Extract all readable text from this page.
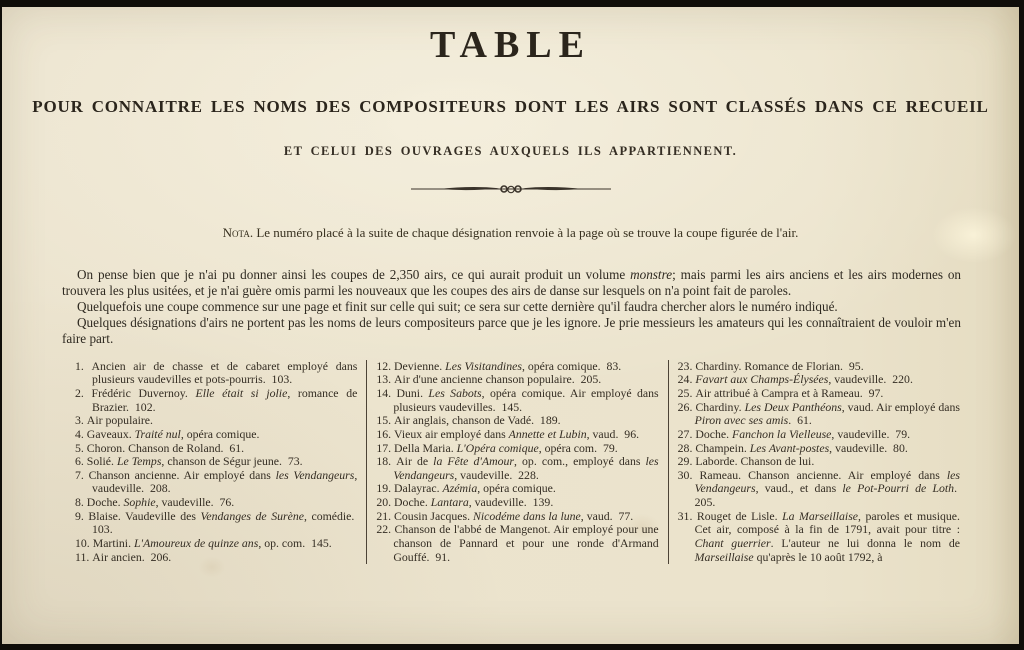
TABLE
POUR CONNAITRE LES NOMS DES COMPOSITEURS DONT LES AIRS SONT CLASSÉS DANS CE RECUEIL
ET CELUI DES OUVRAGES AUXQUELS ILS APPARTIENNENT.
Nota. Le numéro placé à la suite de chaque désignation renvoie à la page où se trouve la coupe figurée de l'air.

On pense bien que je n'ai pu donner ainsi les coupes de 2,350 airs, ce qui aurait produit un volume monstre; mais parmi les airs anciens et les airs modernes on trouvera les plus usitées, et je n'ai guère omis parmi les nouveaux que les coupes des airs de danse sur lesquels on n'a point fait de paroles.

Quelquefois une coupe commence sur une page et finit sur celle qui suit; ce sera sur cette dernière qu'il faudra chercher alors le numéro indiqué.

Quelques désignations d'airs ne portent pas les noms de leurs compositeurs parce que je les ignore. Je prie messieurs les amateurs qui les connaîtraient de vouloir m'en faire part.

1. Ancien air de chasse et de cabaret employé dans plusieurs vaudevilles et pots-pourris.  103.
2. Frédéric Duvernoy. Elle était si jolie, romance de Brazier.  102.
3. Air populaire.
4. Gaveaux. Traité nul, opéra comique.
5. Choron. Chanson de Roland.  61.
6. Solié. Le Temps, chanson de Ségur jeune.  73.
7. Chanson ancienne. Air employé dans les Vendangeurs, vaudeville.  208.
8. Doche. Sophie, vaudeville.  76.
9. Blaise. Vaudeville des Vendanges de Surène, comédie.  103.
10. Martini. L'Amoureux de quinze ans, op. com.  145.
11. Air ancien.  206.
12. Devienne. Les Visitandines, opéra comique.  83.
13. Air d'une ancienne chanson populaire.  205.
14. Duni. Les Sabots, opéra comique. Air employé dans plusieurs vaudevilles.  145.
15. Air anglais, chanson de Vadé.  189.
16. Vieux air employé dans Annette et Lubin, vaud.  96.
17. Della Maria. L'Opéra comique, opéra com.  79.
18. Air de la Fête d'Amour, op. com., employé dans les Vendangeurs, vaudeville.  228.
19. Dalayrac. Azémia, opéra comique.
20. Doche. Lantara, vaudeville.  139.
21. Cousin Jacques. Nicodéme dans la lune, vaud.  77.
22. Chanson de l'abbé de Mangenot. Air employé pour une chanson de Pannard et pour une ronde d'Armand Gouffé.  91.
23. Chardiny. Romance de Florian.  95.
24. Favart aux Champs-Élysées, vaudeville.  220.
25. Air attribué à Campra et à Rameau.  97.
26. Chardiny. Les Deux Panthéons, vaud. Air employé dans Piron avec ses amis.  61.
27. Doche. Fanchon la Vielleuse, vaudeville.  79.
28. Champein. Les Avant-postes, vaudeville.  80.
29. Laborde. Chanson de lui.
30. Rameau. Chanson ancienne. Air employé dans les Vendangeurs, vaud., et dans le Pot-Pourri de Loth.  205.
31. Rouget de Lisle. La Marseillaise, paroles et musique. Cet air, composé à la fin de 1791, avait pour titre : Chant guerrier. L'auteur ne lui donna le nom de Marseillaise qu'après le 10 août 1792, à
